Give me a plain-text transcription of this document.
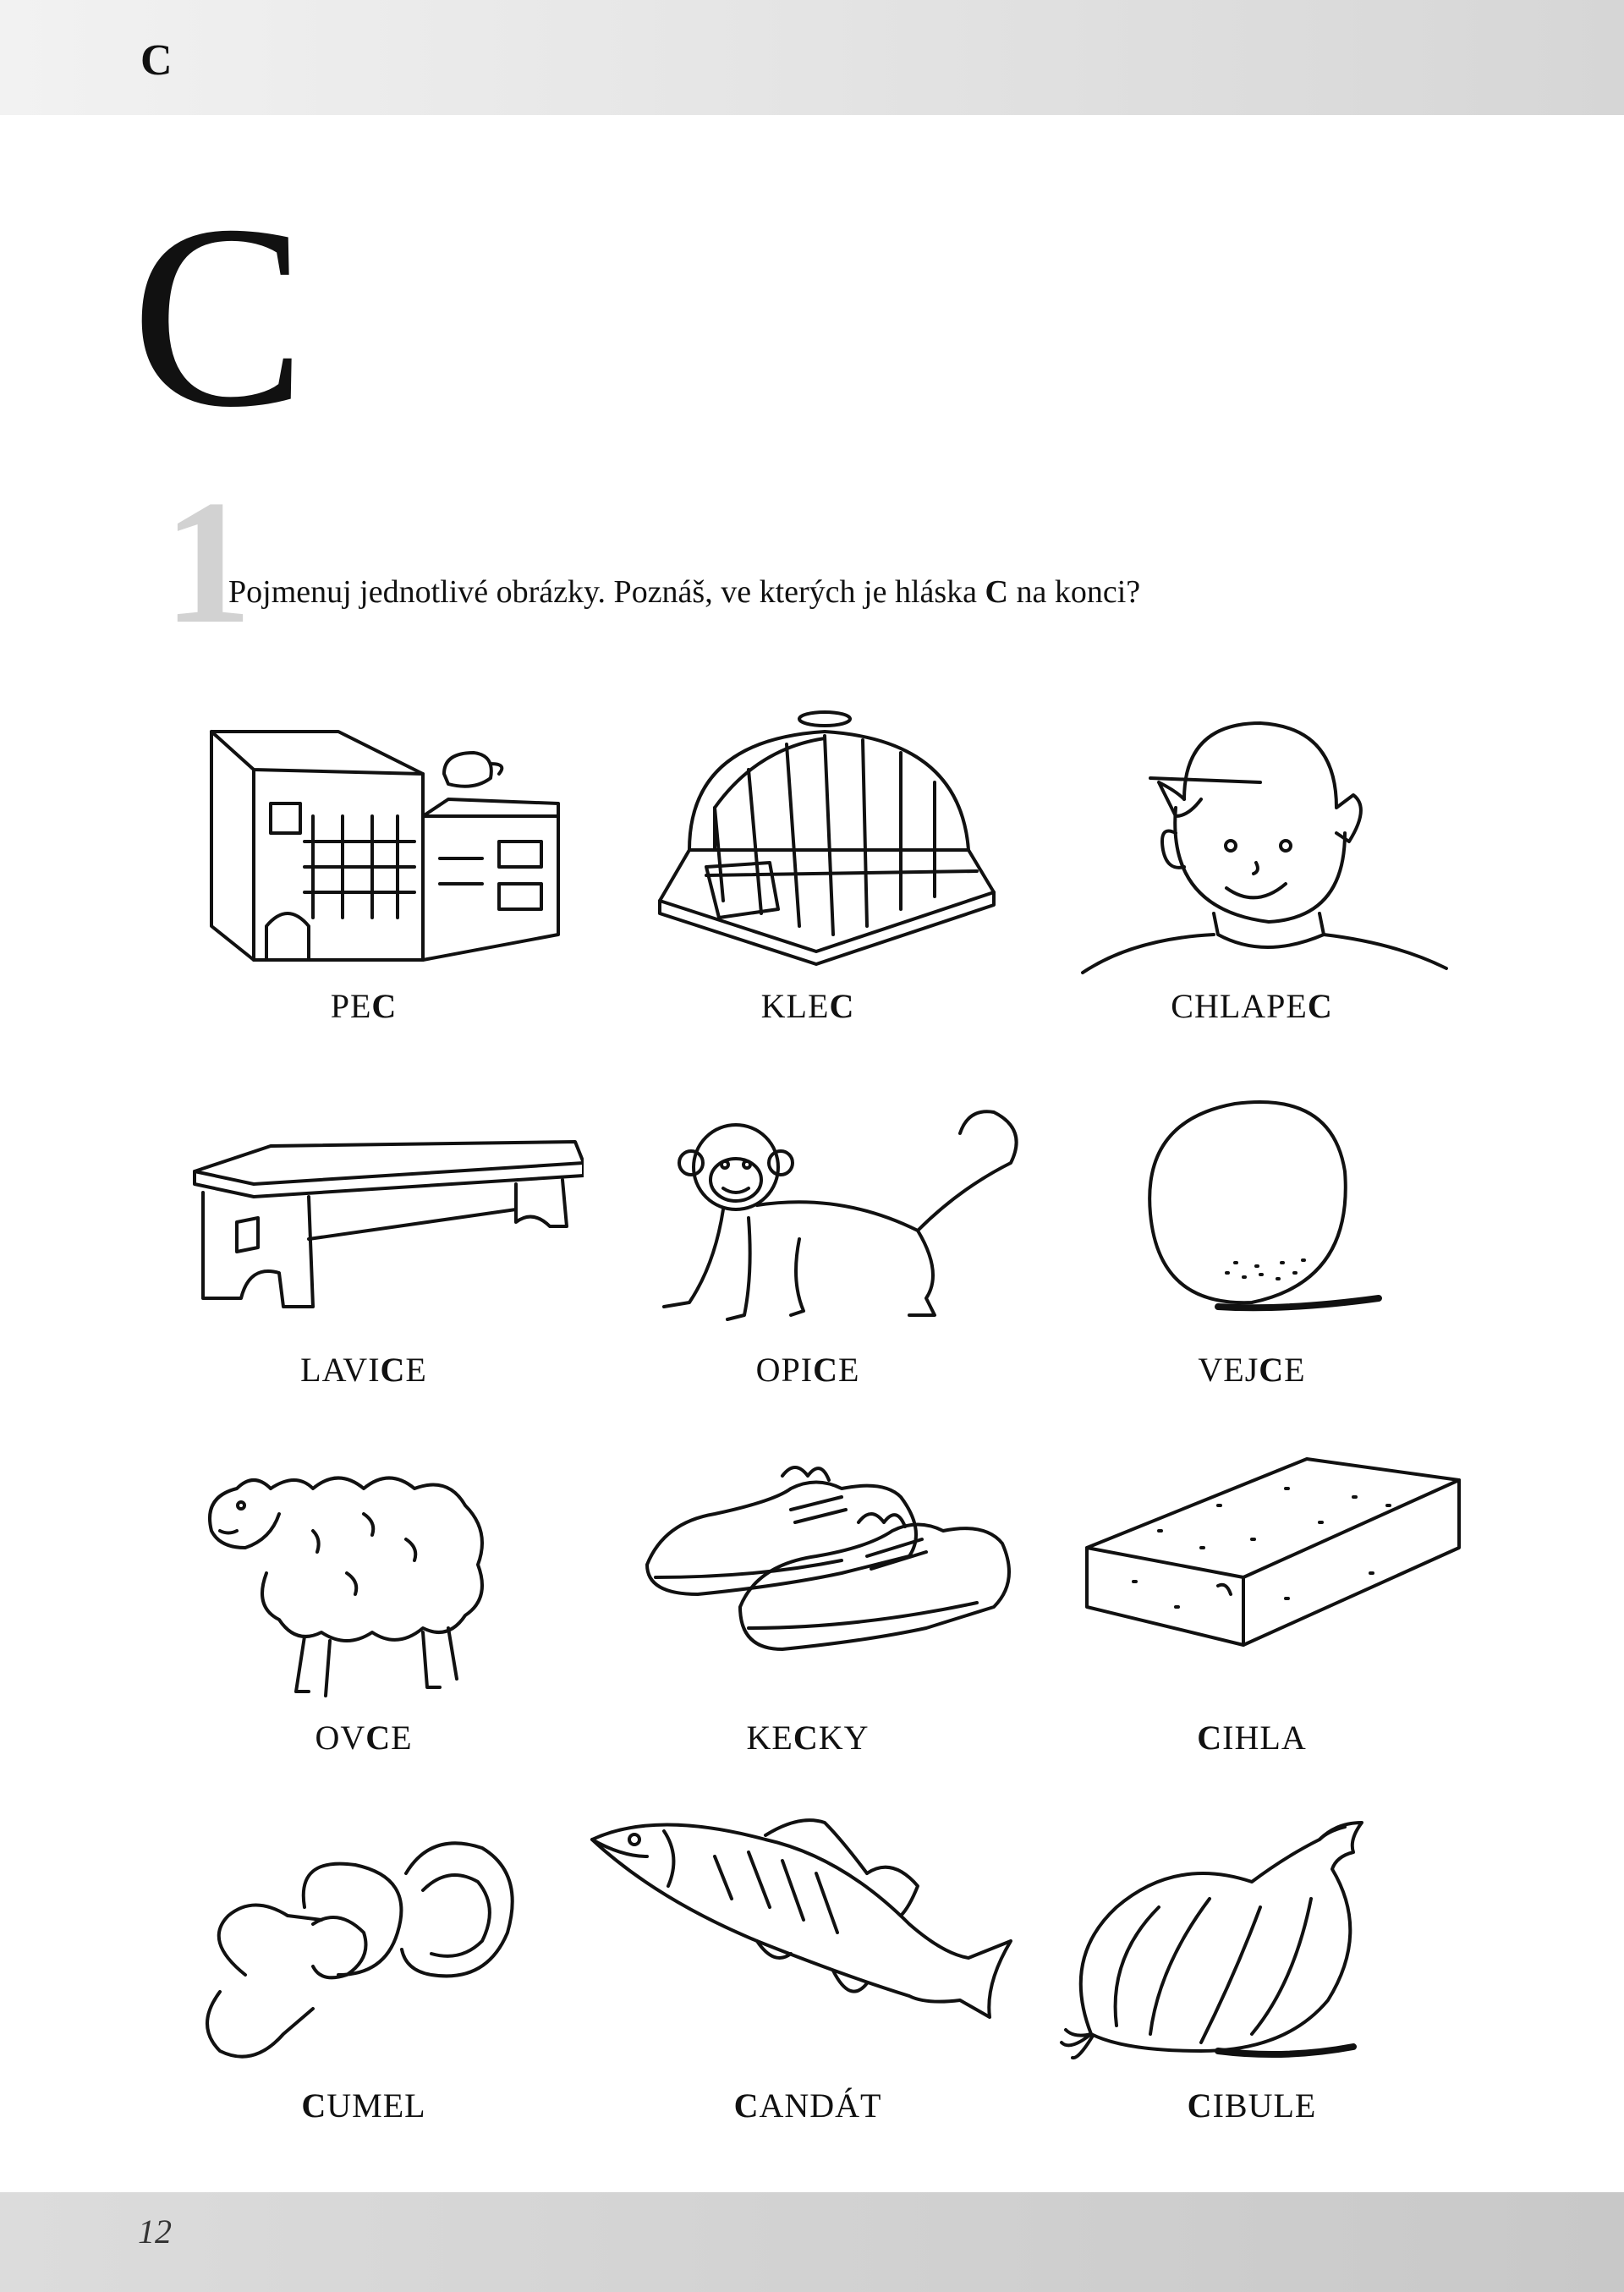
C
C
1
Pojmenuj jednotlivé obrázky. Poznáš, ve kterých je hláska C na konci?
PEC	KLEC	CHLAPEC
LAVICE	OPICE	VEJCE
OVCE	KECKY	CIHLA
CUMEL	CANDÁT	CIBULE
12
